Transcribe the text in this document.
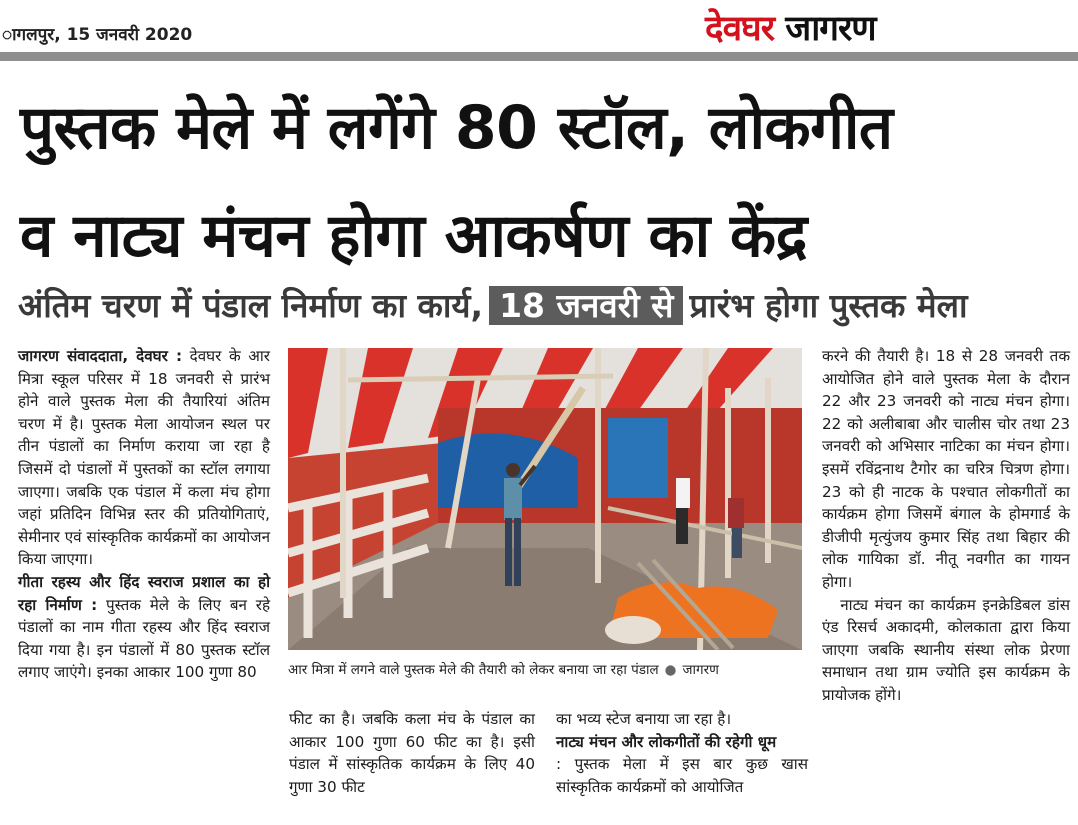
ागलपुर, 15 जनवरी 2020	देवघर जागरण
पुस्तक मेले में लगेंगे 80 स्टॉल, लोकगीत
व नाट्य मंचन होगा आकर्षण का केंद्र
अंतिम चरण में पंडाल निर्माण का कार्य, 18 जनवरी से प्रारंभ होगा पुस्तक मेला

जागरण संवाददाता, देवघर : देवघर के आर मित्रा स्कूल परिसर में 18 जनवरी से प्रारंभ होने वाले पुस्तक मेला की तैयारियां अंतिम चरण में है। पुस्तक मेला आयोजन स्थल पर तीन पंडालों का निर्माण कराया जा रहा है जिसमें दो पंडालों में पुस्तकों का स्टॉल लगाया जाएगा। जबकि एक पंडाल में कला मंच होगा जहां प्रतिदिन विभिन्न स्तर की प्रतियोगिताएं, सेमीनार एवं सांस्कृतिक कार्यक्रमों का आयोजन किया जाएगा।

गीता रहस्य और हिंद स्वराज प्रशाल का हो रहा निर्माण : पुस्तक मेले के लिए बन रहे पंडालों का नाम गीता रहस्य और हिंद स्वराज दिया गया है। इन पंडालों में 80 पुस्तक स्टॉल लगाए जाएंगे। इनका आकार 100 गुणा 80	आर मित्रा में लगने वाले पुस्तक मेले की तैयारी को लेकर बनाया जा रहा पंडाल ● जागरण

फीट का है। जबकि कला मंच के पंडाल का आकार 100 गुणा 60 फीट का है। इसी पंडाल में सांस्कृतिक कार्यक्रम के लिए 40 गुणा 30 फीट

का भव्य स्टेज बनाया जा रहा है।

नाट्य मंचन और लोकगीतों की रहेगी धूम

: पुस्तक मेला में इस बार कुछ खास सांस्कृतिक कार्यक्रमों को आयोजित

करने की तैयारी है। 18 से 28 जनवरी तक आयोजित होने वाले पुस्तक मेला के दौरान 22 और 23 जनवरी को नाट्य मंचन होगा। 22 को अलीबाबा और चालीस चोर तथा 23 जनवरी को अभिसार नाटिका का मंचन होगा। इसमें रविंद्रनाथ टैगोर का चरित्र चित्रण होगा। 23 को ही नाटक के पश्चात लोकगीतों का कार्यक्रम होगा जिसमें बंगाल के होमगार्ड के डीजीपी मृत्युंजय कुमार सिंह तथा बिहार की लोक गायिका डॉ. नीतू नवगीत का गायन होगा।

नाट्य मंचन का कार्यक्रम इनक्रेडिबल डांस एंड रिसर्च अकादमी, कोलकाता द्वारा किया जाएगा जबकि स्थानीय संस्था लोक प्रेरणा समाधान तथा ग्राम ज्योति इस कार्यक्रम के प्रायोजक होंगे।
